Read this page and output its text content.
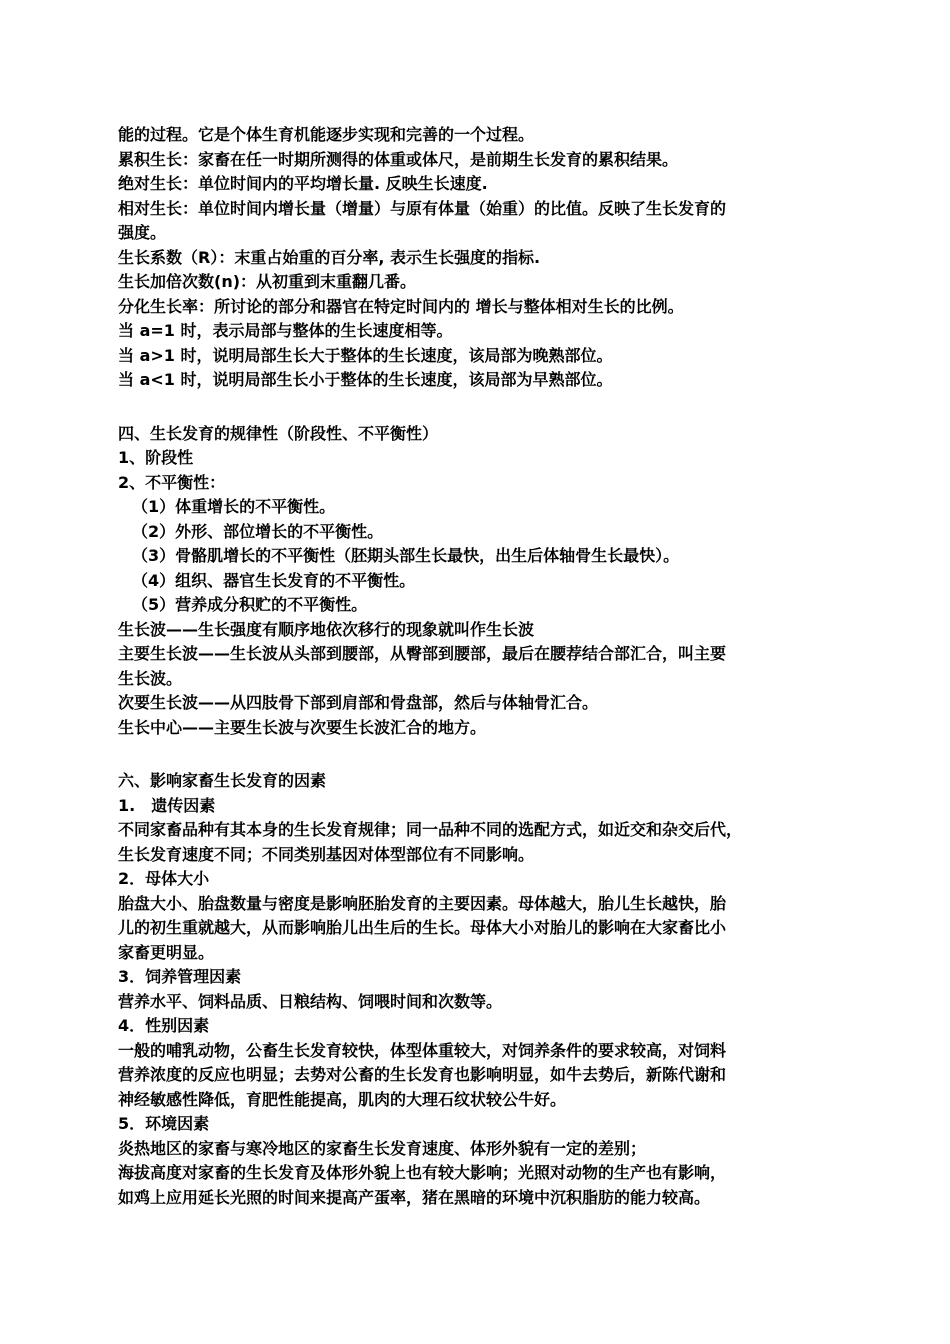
能的过程。它是个体生育机能逐步实现和完善的一个过程。
累积生长：家畜在任一时期所测得的体重或体尺，是前期生长发育的累积结果。
绝对生长：单位时间内的平均增长量. 反映生长速度.
相对生长：单位时间内增长量（增量）与原有体量（始重）的比值。反映了生长发育的
强度。
生长系数（R）：末重占始重的百分率, 表示生长强度的指标.
生长加倍次数(n)：从初重到末重翻几番。
分化生长率：所讨论的部分和器官在特定时间内的 增长与整体相对生长的比例。
当 a=1 时，表示局部与整体的生长速度相等。
当 a>1 时，说明局部生长大于整体的生长速度，该局部为晚熟部位。
当 a<1 时，说明局部生长小于整体的生长速度，该局部为早熟部位。
四、生长发育的规律性（阶段性、不平衡性）
1、阶段性
2、不平衡性：
（1）体重增长的不平衡性。
（2）外形、部位增长的不平衡性。
（3）骨骼肌增长的不平衡性（胚期头部生长最快，出生后体轴骨生长最快）。
（4）组织、器官生长发育的不平衡性。
（5）营养成分积贮的不平衡性。
生长波——生长强度有顺序地依次移行的现象就叫作生长波
主要生长波——生长波从头部到腰部，从臀部到腰部，最后在腰荐结合部汇合，叫主要
生长波。
次要生长波——从四肢骨下部到肩部和骨盘部，然后与体轴骨汇合。
生长中心——主要生长波与次要生长波汇合的地方。
六、影响家畜生长发育的因素
1.　遗传因素
不同家畜品种有其本身的生长发育规律；同一品种不同的选配方式，如近交和杂交后代，
生长发育速度不同；不同类别基因对体型部位有不同影响。
2．母体大小
胎盘大小、胎盘数量与密度是影响胚胎发育的主要因素。母体越大，胎儿生长越快，胎
儿的初生重就越大，从而影响胎儿出生后的生长。母体大小对胎儿的影响在大家畜比小
家畜更明显。
3．饲养管理因素
营养水平、饲料品质、日粮结构、饲喂时间和次数等。
4．性别因素
一般的哺乳动物，公畜生长发育较快，体型体重较大，对饲养条件的要求较高，对饲料
营养浓度的反应也明显；去势对公畜的生长发育也影响明显，如牛去势后，新陈代谢和
神经敏感性降低，育肥性能提高，肌肉的大理石纹状较公牛好。
5．环境因素
炎热地区的家畜与寒冷地区的家畜生长发育速度、体形外貌有一定的差别；
海拔高度对家畜的生长发育及体形外貌上也有较大影响；光照对动物的生产也有影响，
如鸡上应用延长光照的时间来提高产蛋率，猪在黑暗的环境中沉积脂肪的能力较高。
